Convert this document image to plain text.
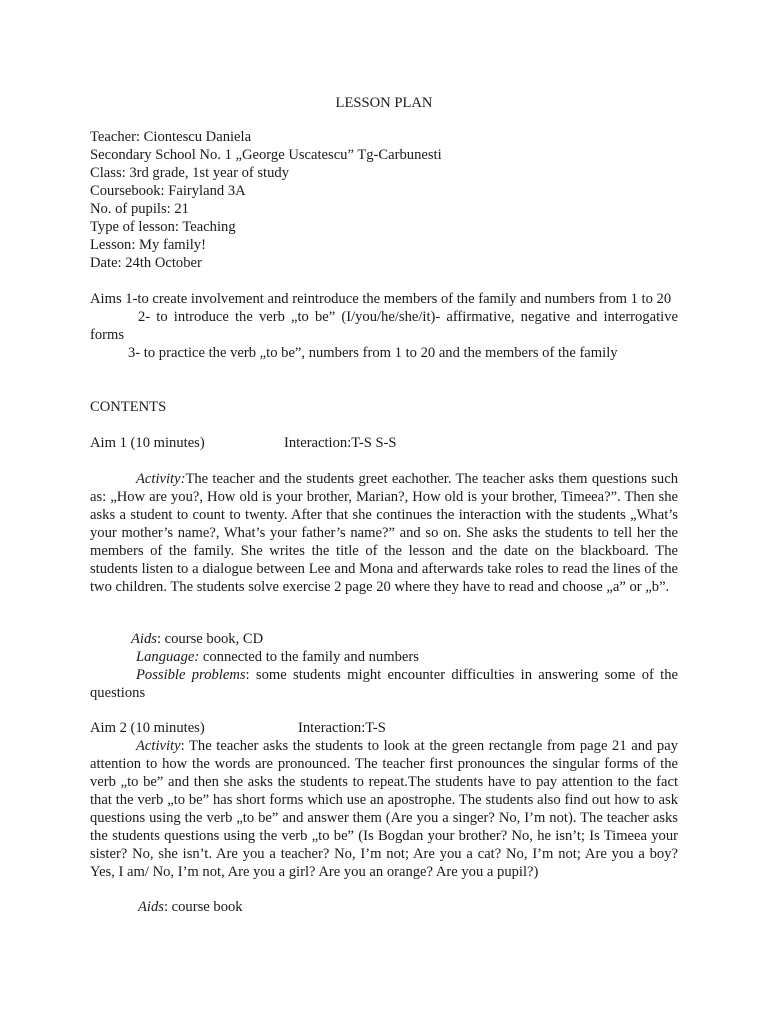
LESSON PLAN
Teacher: Ciontescu Daniela
Secondary School No. 1 „George Uscatescu” Tg-Carbunesti
Class: 3rd grade, 1st year of study
Coursebook: Fairyland 3A
No. of pupils: 21
Type of lesson: Teaching
Lesson: My family!
Date: 24th October

Aims 1-to create involvement and reintroduce the members of the family and numbers from 1 to 20

2- to introduce the verb „to be” (I/you/he/she/it)- affirmative, negative and interrogative forms

3- to practice the verb „to be”, numbers from 1 to 20 and the members of the family

CONTENTS
Aim 1 (10 minutes)	Interaction:T-S S-S

Activity:The teacher and the students greet eachother. The teacher asks them questions such as: „How are you?, How old is your brother, Marian?, How old is your brother, Timeea?”. Then she asks a student to count to twenty. After that she continues the interaction with the students „What’s your mother’s name?, What’s your father’s name?” and so on. She asks the students to tell her the members of the family. She writes the title of the lesson and the date on the blackboard. The students listen to a dialogue between Lee and Mona and afterwards take roles to read the lines of the two children. The students solve exercise 2 page 20 where they have to read and choose „a” or „b”.

Aids: course book, CD
Language: connected to the family and numbers

Possible problems: some students might encounter difficulties in answering some of the questions

Aim 2 (10 minutes)	Interaction:T-S

Activity: The teacher asks the students to look at the green rectangle from page 21 and pay attention to how the words are pronounced. The teacher first pronounces the singular forms of the verb „to be” and then she asks the students to repeat.The students have to pay attention to the fact that the verb „to be” has short forms which use an apostrophe. The students also find out how to ask questions using the verb „to be” and answer them (Are you a singer? No, I’m not). The teacher asks the students questions using the verb „to be” (Is Bogdan your brother? No, he isn’t; Is Timeea your sister? No, she isn’t. Are you a teacher? No, I’m not; Are you a cat? No, I’m not; Are you a boy? Yes, I am/ No, I’m not, Are you a girl? Are you an orange? Are you a pupil?)

Aids: course book
